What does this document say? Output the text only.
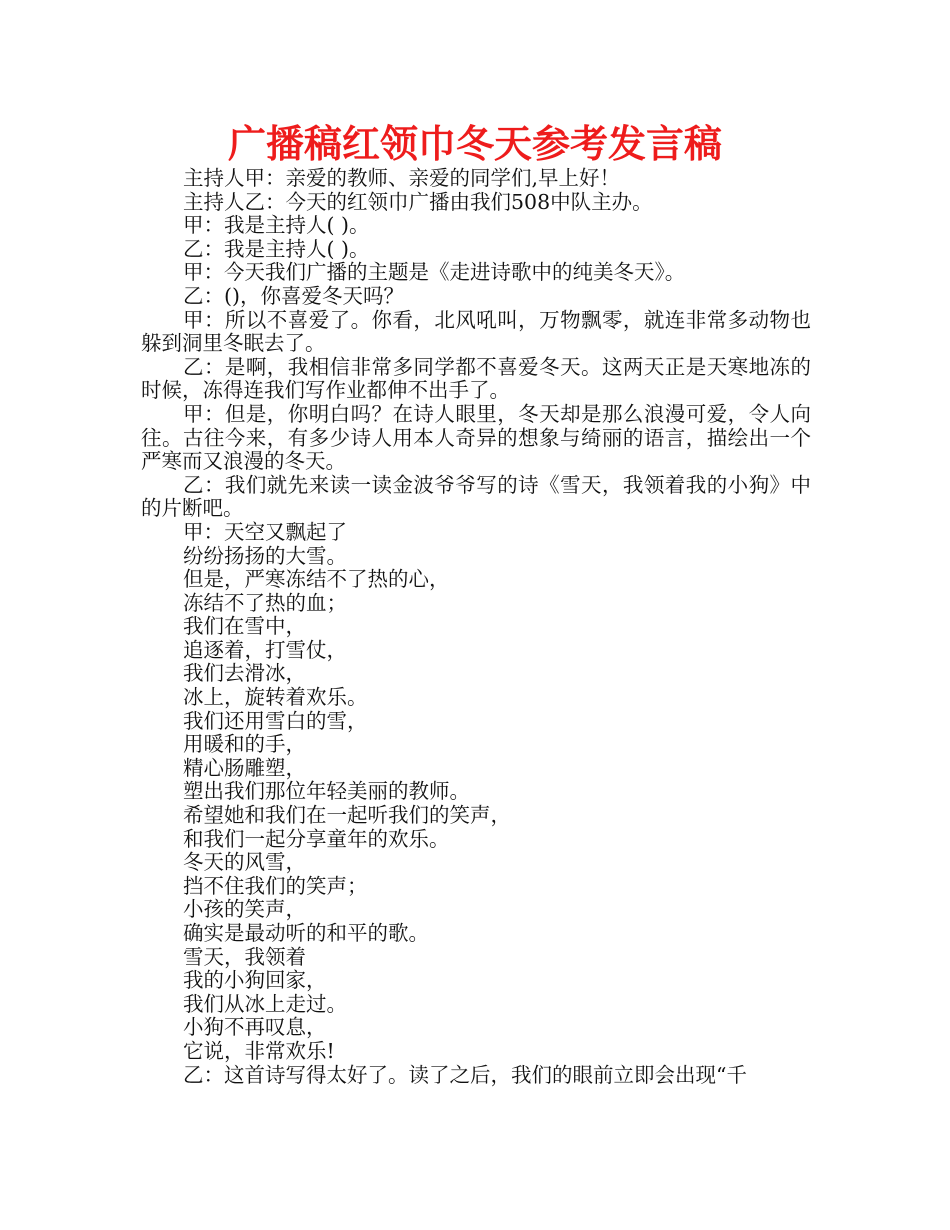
广播稿红领巾冬天参考发言稿

主持人甲：亲爱的教师、亲爱的同学们,早上好！

主持人乙：今天的红领巾广播由我们508中队主办。

甲：我是主持人( )。

乙：我是主持人( )。

甲：今天我们广播的主题是《走进诗歌中的纯美冬天》。

乙：()，你喜爱冬天吗？

甲：所以不喜爱了。你看，北风吼叫，万物飘零，就连非常多动物也躲到洞里冬眠去了。

乙：是啊，我相信非常多同学都不喜爱冬天。这两天正是天寒地冻的时候，冻得连我们写作业都伸不出手了。

甲：但是，你明白吗？在诗人眼里，冬天却是那么浪漫可爱，令人向往。古往今来，有多少诗人用本人奇异的想象与绮丽的语言，描绘出一个严寒而又浪漫的冬天。

乙：我们就先来读一读金波爷爷写的诗《雪天，我领着我的小狗》中的片断吧。

甲：天空又飘起了

纷纷扬扬的大雪。

但是，严寒冻结不了热的心，

冻结不了热的血；

我们在雪中，

追逐着，打雪仗，

我们去滑冰，

冰上，旋转着欢乐。

我们还用雪白的雪，

用暖和的手，

精心肠雕塑，

塑出我们那位年轻美丽的教师。

希望她和我们在一起听我们的笑声，

和我们一起分享童年的欢乐。

冬天的风雪，

挡不住我们的笑声；

小孩的笑声，

确实是最动听的和平的歌。

雪天，我领着

我的小狗回家，

我们从冰上走过。

小狗不再叹息，

它说，非常欢乐!

乙：这首诗写得太好了。读了之后，我们的眼前立即会出现“千
